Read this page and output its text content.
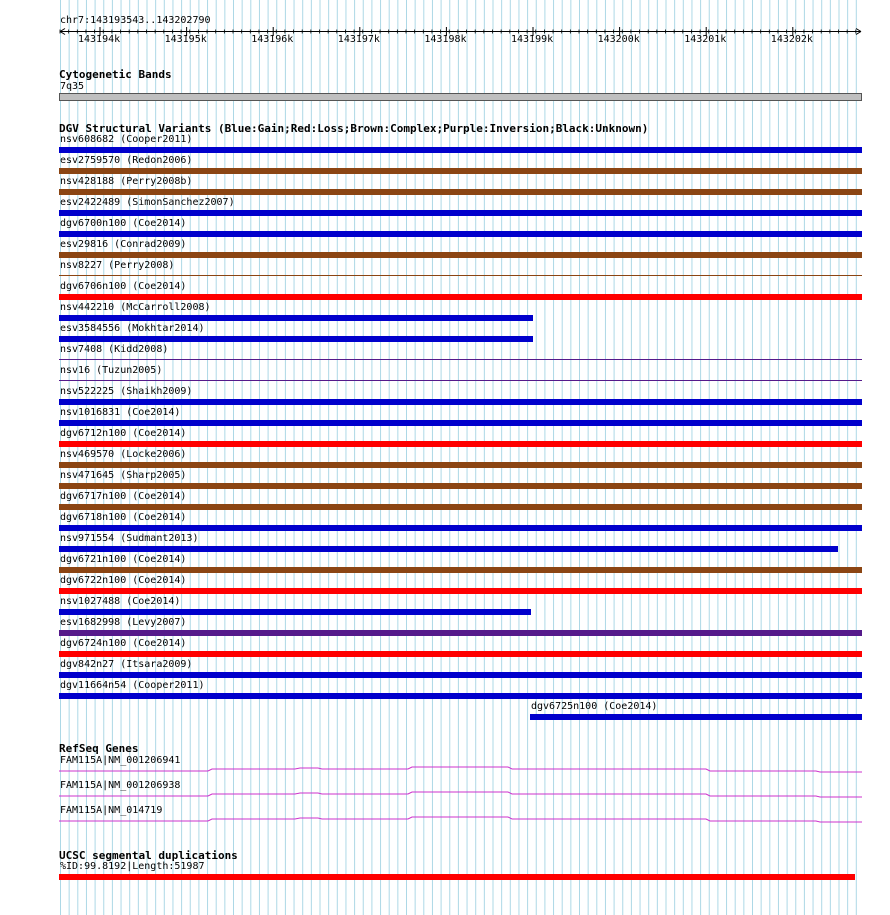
chr7:143193543..143202790
143194k	143195k	143196k	143197k	143198k	143199k	143200k	143201k	143202k
Cytogenetic Bands
7q35
DGV Structural Variants (Blue:Gain;Red:Loss;Brown:Complex;Purple:Inversion;Black:Unknown)
nsv608682 (Cooper2011)
esv2759570 (Redon2006)
nsv428188 (Perry2008b)
esv2422489 (SimonSanchez2007)
dgv6700n100 (Coe2014)
esv29816 (Conrad2009)
nsv8227 (Perry2008)
dgv6706n100 (Coe2014)
nsv442210 (McCarroll2008)
esv3584556 (Mokhtar2014)
nsv7408 (Kidd2008)
nsv16 (Tuzun2005)
nsv522225 (Shaikh2009)
nsv1016831 (Coe2014)
dgv6712n100 (Coe2014)
nsv469570 (Locke2006)
nsv471645 (Sharp2005)
dgv6717n100 (Coe2014)
dgv6718n100 (Coe2014)
nsv971554 (Sudmant2013)
dgv6721n100 (Coe2014)
dgv6722n100 (Coe2014)
nsv1027488 (Coe2014)
esv1682998 (Levy2007)
dgv6724n100 (Coe2014)
dgv842n27 (Itsara2009)
dgv11664n54 (Cooper2011)
dgv6725n100 (Coe2014)
RefSeq Genes
FAM115A|NM_001206941
FAM115A|NM_001206938
FAM115A|NM_014719
UCSC segmental duplications
%ID:99.8192|Length:51987
